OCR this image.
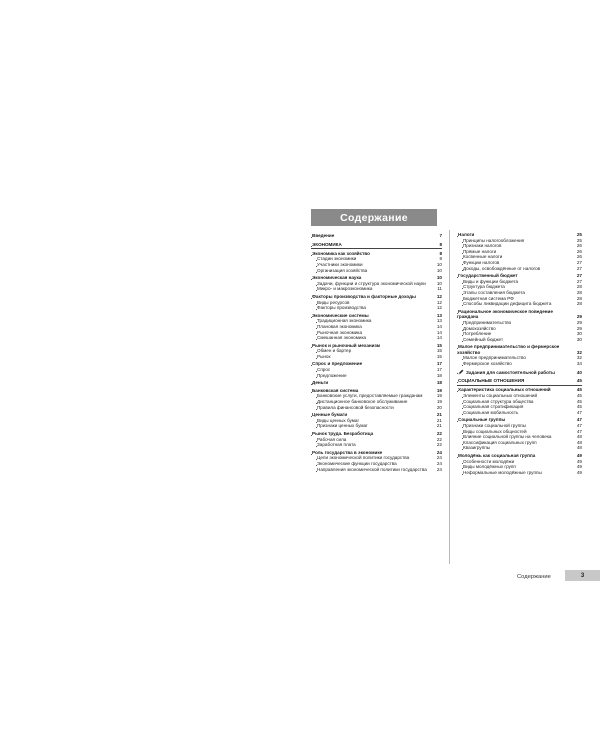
Содержание
Введение	7
ЭКОНОМИКА	8
Экономика как хозяйство	8
Стадии экономики	8
Участники экономики	10
Организация хозяйства	10
Экономическая наука	10
Задачи, функции и структура экономической науки	10
Микро- и макроэкономика	11
Факторы производства и факторные доходы	12
Виды ресурсов	12
Факторы производства	12
Экономические системы	13
Традиционная экономика	13
Плановая экономика	14
Рыночная экономика	14
Смешанная экономика	14
Рынок и рыночный механизм	15
Обмен и бартер	15
Рынок	15
Спрос и предложение	17
Спрос	17
Предложение	18
Деньги	18
Банковская система	19
Банковские услуги, предоставляемые гражданам	19
Дистанционное банковское обслуживание	19
Правила финансовой безопасности	20
Ценные бумаги	21
Виды ценных бумаг	21
Признаки ценных бумаг	21
Рынок труда. Безработица	22
Рабочая сила	22
Заработная плата	22
Роль государства в экономике	24
Цели экономической политики государства	24
Экономические функции государства	24
Направления экономической политики государства	24
Налоги	25
Принципы налогообложения	25
Признаки налогов	26
Прямые налоги	26
Косвенные налоги	26
Функции налогов	27
Доходы, освобождённые от налогов	27
Государственный бюджет	27
Виды и функции бюджета	27
Структура бюджета	28
Этапы составления бюджета	28
Бюджетная система РФ	28
Способы ликвидации дефицита бюджета	28
Рациональное экономическое поведение граждана	29
Предпринимательство	29
Домохозяйство	29
Потребление	30
Семейный бюджет	30
Малое предпринимательство и фермерское хозяйство	32
Малое предпринимательство	32
Фермерское хозяйство	34
Задания для самостоятельной работы	40
СОЦИАЛЬНЫЕ ОТНОШЕНИЯ	45
Характеристика социальных отношений	45
Элементы социальных отношений	45
Социальная структура общества	45
Социальная стратификация	45
Социальная мобильность	47
Социальные группы	47
Признаки социальной группы	47
Виды социальных общностей	47
Влияние социальной группы на человека	48
Классификация социальных групп	48
Квазигруппы	48
Молодёжь как социальная группа	49
Особенности молодёжи	49
Виды молодёжных групп	49
Неформальные молодёжные группы	49
Содержание	3
